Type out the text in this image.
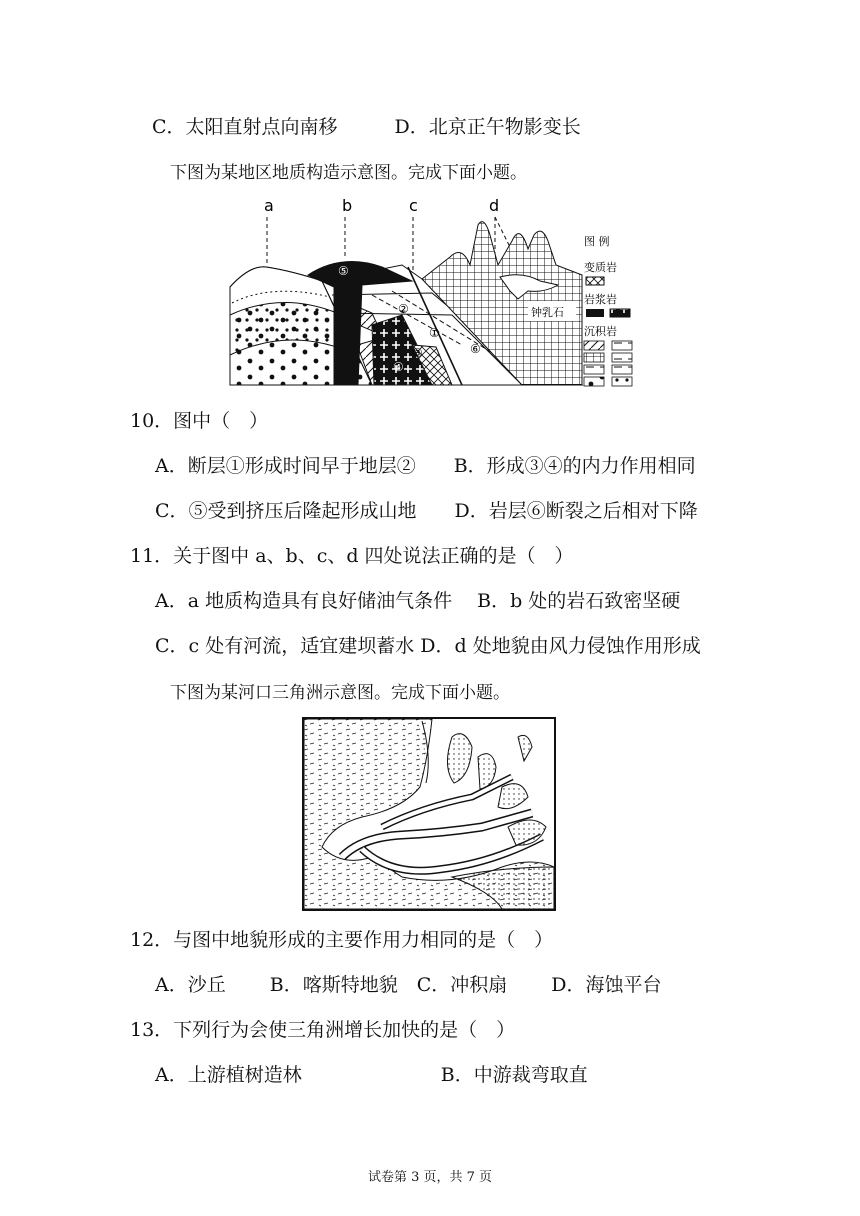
C．太阳直射点向南移　　　D．北京正午物影变长
下图为某地区地质构造示意图。完成下面小题。
a	b	c	d
钟乳石
⑤
②
①
③
④
⑥
图 例
变质岩
岩浆岩
沉积岩
10．图中（　）
A．断层①形成时间早于地层②　　B．形成③④的内力作用相同
C．⑤受到挤压后隆起形成山地　　D．岩层⑥断裂之后相对下降
11．关于图中 a、b、c、d 四处说法正确的是（　）
A．a 地质构造具有良好储油气条件　 B．b 处的岩石致密坚硬
C．c 处有河流，适宜建坝蓄水 D．d 处地貌由风力侵蚀作用形成
下图为某河口三角洲示意图。完成下面小题。
12．与图中地貌形成的主要作用力相同的是（　）
A．沙丘　　 B．喀斯特地貌　C．冲积扇　　 D．海蚀平台
13．下列行为会使三角洲增长加快的是（　）
A．上游植树造林　　　　　　　 B．中游裁弯取直
试卷第 3 页，共 7 页
